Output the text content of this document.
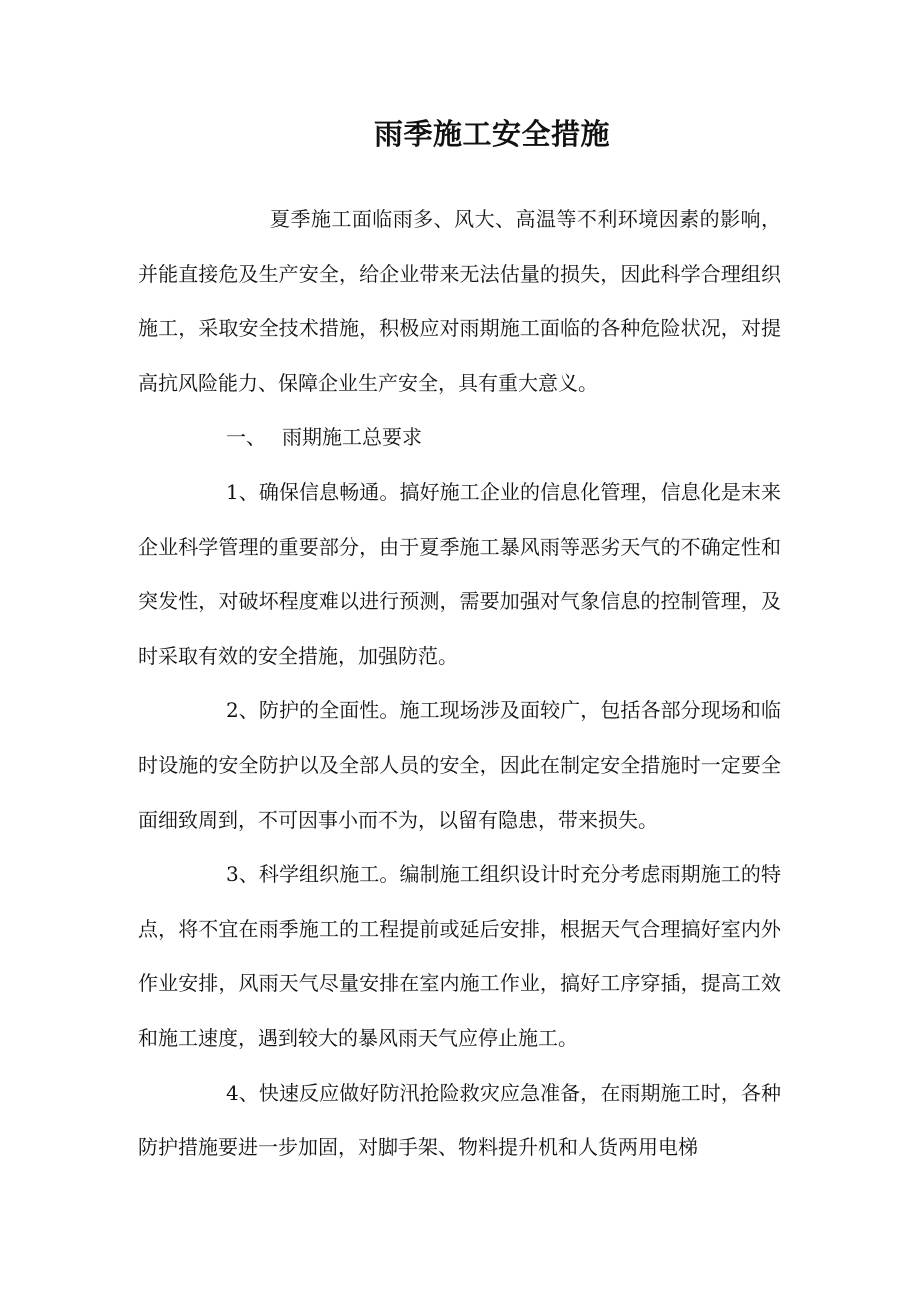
雨季施工安全措施

夏季施工面临雨多、风大、高温等不利环境因素的影响，并能直接危及生产安全，给企业带来无法估量的损失，因此科学合理组织施工，采取安全技术措施，积极应对雨期施工面临的各种危险状况，对提高抗风险能力、保障企业生产安全，具有重大意义。

一、 雨期施工总要求

1、确保信息畅通。搞好施工企业的信息化管理，信息化是末来企业科学管理的重要部分，由于夏季施工暴风雨等恶劣天气的不确定性和突发性，对破坏程度难以进行预测，需要加强对气象信息的控制管理，及时采取有效的安全措施，加强防范。

2、防护的全面性。施工现场涉及面较广，包括各部分现场和临时设施的安全防护以及全部人员的安全，因此在制定安全措施时一定要全面细致周到，不可因事小而不为，以留有隐患，带来损失。

3、科学组织施工。编制施工组织设计时充分考虑雨期施工的特点，将不宜在雨季施工的工程提前或延后安排，根据天气合理搞好室内外作业安排，风雨天气尽量安排在室内施工作业，搞好工序穿插，提高工效和施工速度，遇到较大的暴风雨天气应停止施工。

4、快速反应做好防汛抢险救灾应急准备，在雨期施工时，各种防护措施要进一步加固，对脚手架、物料提升机和人货两用电梯
